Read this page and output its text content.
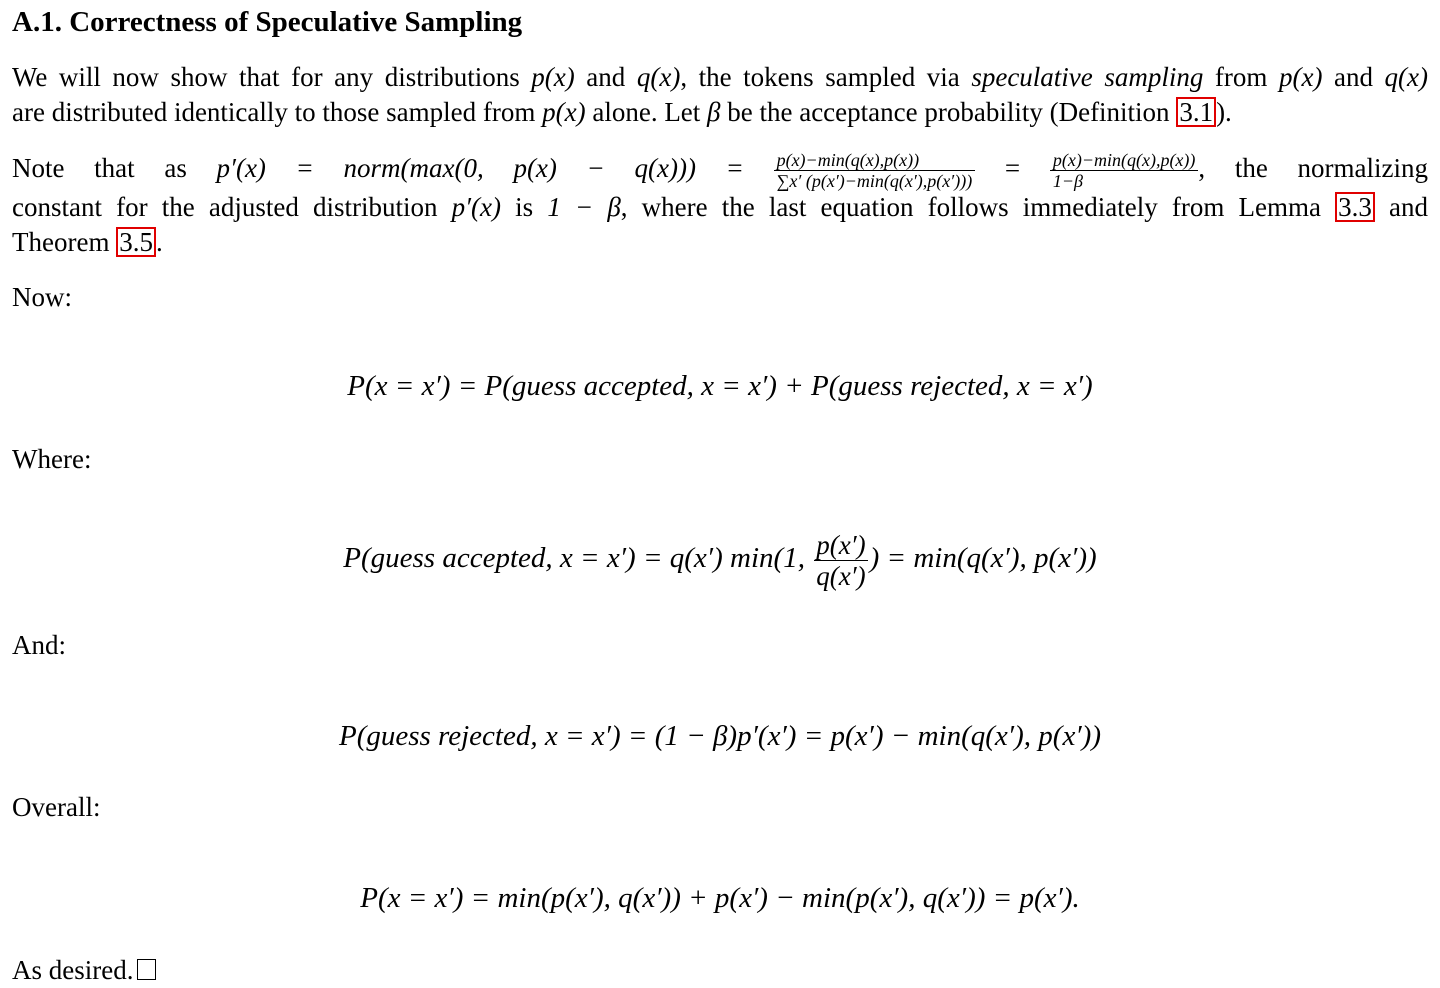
A.1. Correctness of Speculative Sampling

We will now show that for any distributions p(x) and q(x), the tokens sampled via speculative sampling from p(x) and q(x)
are distributed identically to those sampled from p(x) alone. Let β be the acceptance probability (Definition 3.1 ).

Note that as p′(x) = norm(max(0, $p(x) - q(x))) = \frac{p(x)-\min(q(x),p(x))}{\sum x' (p(x')-\min(q(x'),p(x')))} = \frac{p(x)-\min(q(x),p(x))}{1-\beta}$ , the normalizing
constant for the adjusted distribution p′(x) is 1 − β, where the last equation follows immediately from Lemma 3.3 and
Theorem 3.5 .

Now:

P(x = x′) = P(guess accepted, x = x′) + P(guess rejected, x = x′)

Where:

P(guess accepted, x = x′) = q(x′) min(1, $\frac{p(x')}{q(x')}$ ) = min(q(x′), p(x′))

And:

P(guess rejected, x = x′) = (1 − β)p′(x′) = p(x′) − min(q(x′), p(x′))

Overall:

P(x = x′) = min(p(x′), q(x′)) + p(x′) − min(p(x′), q(x′)) = p(x′).

As desired.
